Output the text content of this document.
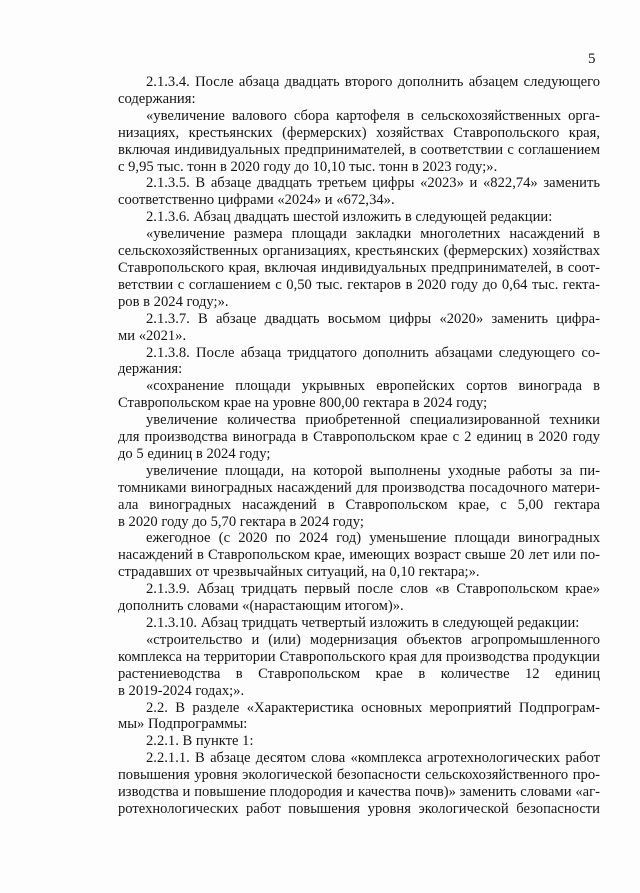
5
2.1.3.4. После абзаца двадцать второго дополнить абзацем следующего
содержания:
«увеличение валового сбора картофеля в сельскохозяйственных орга-
низациях, крестьянских (фермерских) хозяйствах Ставропольского края,
включая индивидуальных предпринимателей, в соответствии с соглашением
с 9,95 тыс. тонн в 2020 году до 10,10 тыс. тонн в 2023 году;».
2.1.3.5. В абзаце двадцать третьем цифры «2023» и «822,74» заменить
соответственно цифрами «2024» и «672,34».
2.1.3.6. Абзац двадцать шестой изложить в следующей редакции:
«увеличение размера площади закладки многолетних насаждений в
сельскохозяйственных организациях, крестьянских (фермерских) хозяйствах
Ставропольского края, включая индивидуальных предпринимателей, в соот-
ветствии с соглашением с 0,50 тыс. гектаров в 2020 году до 0,64 тыс. гекта-
ров в 2024 году;».
2.1.3.7. В абзаце двадцать восьмом цифры «2020» заменить цифра-
ми «2021».
2.1.3.8. После абзаца тридцатого дополнить абзацами следующего со-
держания:
«сохранение площади укрывных европейских сортов винограда в
Ставропольском крае на уровне 800,00 гектара в 2024 году;
увеличение количества приобретенной специализированной техники
для производства винограда в Ставропольском крае с 2 единиц в 2020 году
до 5 единиц в 2024 году;
увеличение площади, на которой выполнены уходные работы за пи-
томниками виноградных насаждений для производства посадочного матери-
ала виноградных насаждений в Ставропольском крае, с 5,00 гектара
в 2020 году до 5,70 гектара в 2024 году;
ежегодное (с 2020 по 2024 год) уменьшение площади виноградных
насаждений в Ставропольском крае, имеющих возраст свыше 20 лет или по-
страдавших от чрезвычайных ситуаций, на 0,10 гектара;».
2.1.3.9. Абзац тридцать первый после слов «в Ставропольском крае»
дополнить словами «(нарастающим итогом)».
2.1.3.10. Абзац тридцать четвертый изложить в следующей редакции:
«строительство и (или) модернизация объектов агропромышленного
комплекса на территории Ставропольского края для производства продукции
растениеводства в Ставропольском крае в количестве 12 единиц
в 2019-2024 годах;».
2.2. В разделе «Характеристика основных мероприятий Подпрограм-
мы» Подпрограммы:
2.2.1. В пункте 1:
2.2.1.1. В абзаце десятом слова «комплекса агротехнологических работ
повышения уровня экологической безопасности сельскохозяйственного про-
изводства и повышение плодородия и качества почв)» заменить словами «аг-
ротехнологических работ повышения уровня экологической безопасности
